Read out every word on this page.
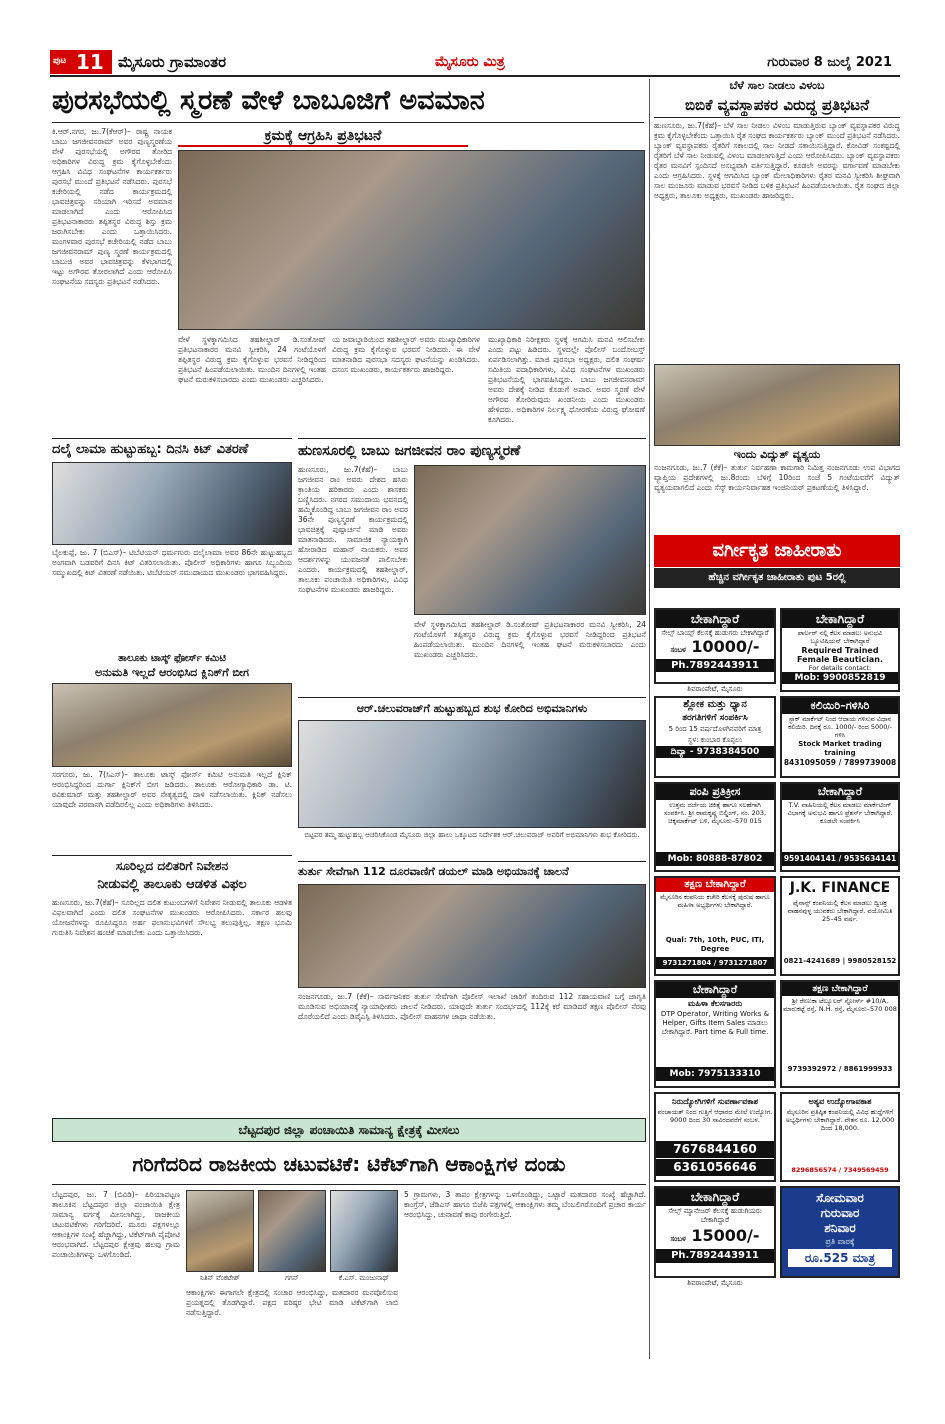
ಪುಟ 11 ಮೈಸೂರು ಗ್ರಾಮಾಂತರ	ಮೈಸೂರು ಮಿತ್ರ	ಗುರುವಾರ 8 ಜುಲೈ 2021
ಪುರಸಭೆಯಲ್ಲಿ ಸ್ಮರಣೆ ವೇಳೆ ಬಾಬೂಜಿಗೆ ಅವಮಾನ
ಕಿ.ಆರ್.ನಗರ, ಜು.7(ಕೆಆರ್)– ರಾಷ್ಟ್ರ ನಾಯಕ ಬಾಬು ಜಗಜೀವನರಾಮ್ ಅವರ ಪುಣ್ಯಸ್ಮರಣೆಯ ವೇಳೆ ಪುರಸಭೆಯಲ್ಲಿ ಅಗೌರವ ತೋರಿದ ಅಧಿಕಾರಿಗಳ ವಿರುದ್ಧ ಕ್ರಮ ಕೈಗೊಳ್ಳಬೇಕೆಂದು ಆಗ್ರಹಿಸಿ ವಿವಿಧ ಸಂಘಟನೆಗಳ ಕಾರ್ಯಕರ್ತರು ಪುರಸಭೆ ಮುಂದೆ ಪ್ರತಿಭಟನೆ ನಡೆಸಿದರು. ಪುರಸಭೆ ಕಚೇರಿಯಲ್ಲಿ ನಡೆದ ಕಾರ್ಯಕ್ರಮದಲ್ಲಿ ಭಾವಚಿತ್ರವನ್ನು ಸರಿಯಾಗಿ ಇರಿಸದೆ ಅವಮಾನ ಮಾಡಲಾಗಿದೆ ಎಂದು ಆರೋಪಿಸಿದ ಪ್ರತಿಭಟನಾಕಾರರು ತಪ್ಪಿತಸ್ಥರ ವಿರುದ್ಧ ಶಿಸ್ತು ಕ್ರಮ ಜರುಗಿಸಬೇಕು ಎಂದು ಒತ್ತಾಯಿಸಿದರು. ಮಂಗಳವಾರ ಪುರಸಭೆ ಕಚೇರಿಯಲ್ಲಿ ನಡೆದ ಬಾಬು ಜಗಜೀವನರಾಮ್ ಪುಣ್ಯ ಸ್ಮರಣೆ ಕಾರ್ಯಕ್ರಮದಲ್ಲಿ ಬಾಬುಜಿ ಅವರ ಭಾವಚಿತ್ರವನ್ನು ಕೆಳಭಾಗದಲ್ಲಿ ಇಟ್ಟು ಅಗೌರವ ತೋರಲಾಗಿದೆ ಎಂದು ಆರೋಪಿಸಿ ಸಂಘಟನೆಯ ಸದಸ್ಯರು ಪ್ರತಿಭಟನೆ ನಡೆಸಿದರು.
ಕ್ರಮಕ್ಕೆ ಆಗ್ರಹಿಸಿ ಪ್ರತಿಭಟನೆ
ವೇಳೆ ಸ್ಥಳಕ್ಕಾಗಮಿಸಿದ ತಹಶೀಲ್ದಾರ್ ಡಿ.ಸಂತೋಷ್ ಪ್ರತಿಭಟನಾಕಾರರ ಮನವಿ ಸ್ವೀಕರಿಸಿ, 24 ಗಂಟೆಯೊಳಗೆ ತಪ್ಪಿತಸ್ಥರ ವಿರುದ್ಧ ಕ್ರಮ ಕೈಗೊಳ್ಳುವ ಭರವಸೆ ನೀಡಿದ್ದರಿಂದ ಪ್ರತಿಭಟನೆ ಹಿಂಪಡೆಯಲಾಯಿತು. ಮುಂದಿನ ದಿನಗಳಲ್ಲಿ ಇಂತಹ ಘಟನೆ ಮರುಕಳಿಸಬಾರದು ಎಂದು ಮುಖಂಡರು ಎಚ್ಚರಿಸಿದರು.
ಯ ಜವಾಬ್ದಾರಿಯಿಂದ ತಹಶೀಲ್ದಾರ್ ಅವರು ಮುಖ್ಯಾಧಿಕಾರಿಗಳ ವಿರುದ್ಧ ಕ್ರಮ ಕೈಗೊಳ್ಳುವ ಭರವಸೆ ನೀಡಿದರು. ಈ ವೇಳೆ ಮಾತನಾಡಿದ ಪುರಸಭಾ ಸದಸ್ಯರು ಘಟನೆಯನ್ನು ಖಂಡಿಸಿದರು. ದಸಂಸ ಮುಖಂಡರು, ಕಾರ್ಯಕರ್ತರು ಹಾಜರಿದ್ದರು.
ಮುಖ್ಯಾಧಿಕಾರಿ ನಿರೀಕ್ಷಕರು ಸ್ಥಳಕ್ಕೆ ಆಗಮಿಸಿ ಮನವಿ ಆಲಿಸಬೇಕು ಎಂದು ಪಟ್ಟು ಹಿಡಿದರು. ಸ್ಥಳದಲ್ಲೇ ಪೊಲೀಸ್ ಬಂದೋಬಸ್ತ್ ಏರ್ಪಡಿಸಲಾಗಿತ್ತು. ಮಾಜಿ ಪುರಸಭಾ ಅಧ್ಯಕ್ಷರು, ದಲಿತ ಸಂಘರ್ಷ ಸಮಿತಿಯ ಪದಾಧಿಕಾರಿಗಳು, ವಿವಿಧ ಸಂಘಟನೆಗಳ ಮುಖಂಡರು ಪ್ರತಿಭಟನೆಯಲ್ಲಿ ಭಾಗವಹಿಸಿದ್ದರು. ಬಾಬು ಜಗಜೀವನರಾಮ್ ಅವರು ದೇಶಕ್ಕೆ ನೀಡಿದ ಕೊಡುಗೆ ಅಪಾರ. ಅವರ ಸ್ಮರಣೆ ವೇಳೆ ಅಗೌರವ ತೋರಿರುವುದು ಖಂಡನೀಯ ಎಂದು ಮುಖಂಡರು ಹೇಳಿದರು. ಅಧಿಕಾರಿಗಳ ನಿರ್ಲಕ್ಷ್ಯ ಧೋರಣೆಯ ವಿರುದ್ಧ ಘೋಷಣೆ ಕೂಗಿದರು.
ಬೆಳೆ ಸಾಲ ನೀಡಲು ವಿಳಂಬ
ಬಿಬಿಕೆ ವ್ಯವಸ್ಥಾಪಕರ ವಿರುದ್ಧ ಪ್ರತಿಭಟನೆ
ಹುಣಸೂರು, ಜು.7(ಕೆಹೆ)– ಬೆಳೆ ಸಾಲ ನೀಡಲು ವಿಳಂಬ ಮಾಡುತ್ತಿರುವ ಬ್ಯಾಂಕ್ ವ್ಯವಸ್ಥಾಪಕರ ವಿರುದ್ಧ ಕ್ರಮ ಕೈಗೊಳ್ಳಬೇಕೆಂದು ಒತ್ತಾಯಿಸಿ ರೈತ ಸಂಘದ ಕಾರ್ಯಕರ್ತರು ಬ್ಯಾಂಕ್ ಮುಂದೆ ಪ್ರತಿಭಟನೆ ನಡೆಸಿದರು. ಬ್ಯಾಂಕ್ ವ್ಯವಸ್ಥಾಪಕರು ರೈತರಿಗೆ ಸಕಾಲದಲ್ಲಿ ಸಾಲ ನೀಡದೆ ಸತಾಯಿಸುತ್ತಿದ್ದಾರೆ. ಕೋವಿಡ್ ಸಂಕಷ್ಟದಲ್ಲಿ ರೈತರಿಗೆ ಬೆಳೆ ಸಾಲ ನೀಡುವಲ್ಲಿ ವಿಳಂಬ ಮಾಡಲಾಗುತ್ತಿದೆ ಎಂದು ಆರೋಪಿಸಿದರು. ಬ್ಯಾಂಕ್ ವ್ಯವಸ್ಥಾಪಕರು ರೈತರ ಮನವಿಗೆ ಸ್ಪಂದಿಸದೆ ಅಸಭ್ಯವಾಗಿ ವರ್ತಿಸುತ್ತಿದ್ದಾರೆ. ಕೂಡಲೇ ಅವರನ್ನು ವರ್ಗಾವಣೆ ಮಾಡಬೇಕು ಎಂದು ಆಗ್ರಹಿಸಿದರು. ಸ್ಥಳಕ್ಕೆ ಆಗಮಿಸಿದ ಬ್ಯಾಂಕ್ ಮೇಲಾಧಿಕಾರಿಗಳು ರೈತರ ಮನವಿ ಸ್ವೀಕರಿಸಿ ಶೀಘ್ರವಾಗಿ ಸಾಲ ಮಂಜೂರು ಮಾಡುವ ಭರವಸೆ ನೀಡಿದ ಬಳಿಕ ಪ್ರತಿಭಟನೆ ಹಿಂಪಡೆಯಲಾಯಿತು. ರೈತ ಸಂಘದ ಜಿಲ್ಲಾ ಅಧ್ಯಕ್ಷರು, ತಾಲೂಕು ಅಧ್ಯಕ್ಷರು, ಮುಖಂಡರು ಹಾಜರಿದ್ದರು.
ಇಂದು ವಿದ್ಯುತ್ ವ್ಯತ್ಯಯ
ನಂಜನಗೂಡು, ಜು.7 (ಕೆಕೆ)– ತುರ್ತು ನಿರ್ವಹಣಾ ಕಾಮಗಾರಿ ನಿಮಿತ್ತ ನಂಜನಗೂಡು ಉಪ ವಿಭಾಗದ ವ್ಯಾಪ್ತಿಯ ಪ್ರದೇಶಗಳಲ್ಲಿ ಜು.8ರಂದು ಬೆಳಿಗ್ಗೆ 10ರಿಂದ ಸಂಜೆ 5 ಗಂಟೆಯವರೆಗೆ ವಿದ್ಯುತ್ ವ್ಯತ್ಯಯವಾಗಲಿದೆ ಎಂದು ಸೆಸ್ಕ್ ಕಾರ್ಯನಿರ್ವಾಹಕ ಇಂಜಿನಿಯರ್ ಪ್ರಕಟಣೆಯಲ್ಲಿ ತಿಳಿಸಿದ್ದಾರೆ.
ದಲೈ ಲಾಮಾ ಹುಟ್ಟುಹಬ್ಬ: ದಿನಸಿ ಕಿಟ್ ವಿತರಣೆ
ಬೈಲಕುಪ್ಪೆ, ಜು. 7 (ಬಿಎಸ್)– ಟಿಬೆಟಿಯನ್ ಧರ್ಮಗುರು ದಲೈಲಾಮಾ ಅವರ 86ನೇ ಹುಟ್ಟುಹಬ್ಬದ ಅಂಗವಾಗಿ ಬಡವರಿಗೆ ದಿನಸಿ ಕಿಟ್ ವಿತರಿಸಲಾಯಿತು. ಪೊಲೀಸ್ ಅಧಿಕಾರಿಗಳು ಹಾಗೂ ಸಿಬ್ಬಂದಿಯ ಸಮ್ಮುಖದಲ್ಲಿ ಕಿಟ್ ವಿತರಣೆ ನಡೆಯಿತು. ಟಿಬೆಟಿಯನ್ ಸಮುದಾಯದ ಮುಖಂಡರು ಭಾಗವಹಿಸಿದ್ದರು.
ತಾಲೂಕು ಟಾಸ್ಕ್ ಫೋರ್ಸ್ ಕಮಿಟಿ
ಅನುಮತಿ ಇಲ್ಲದೆ ಆರಂಭಿಸಿದ ಕ್ಲಿನಿಕ್‌ಗೆ ಬೀಗ
ಸರಗೂರು, ಜು. 7(ಸಿಎಸ್)– ತಾಲೂಕು ಟಾಸ್ಕ್ ಫೋರ್ಸ್ ಕಮಿಟಿ ಅನುಮತಿ ಇಲ್ಲದೆ ಕ್ಲಿನಿಕ್ ಆರಂಭಿಸಿದ್ದರಿಂದ ದುರ್ಗಾ ಕ್ಲಿನಿಕ್‌ಗೆ ಬೀಗ ಜಡಿದರು. ತಾಲೂಕು ಆರೋಗ್ಯಾಧಿಕಾರಿ ಡಾ. ಟಿ. ರವಿಕುಮಾರ್ ಮತ್ತು ತಹಶೀಲ್ದಾರ್ ಅವರ ನೇತೃತ್ವದಲ್ಲಿ ದಾಳಿ ನಡೆಸಲಾಯಿತು. ಕ್ಲಿನಿಕ್ ನಡೆಸಲು ಯಾವುದೇ ಪರವಾನಗಿ ಪಡೆದಿರಲಿಲ್ಲ ಎಂದು ಅಧಿಕಾರಿಗಳು ತಿಳಿಸಿದರು.
ಸೂರಿಲ್ಲದ ದಲಿತರಿಗೆ ನಿವೇಶನ
ನೀಡುವಲ್ಲಿ ತಾಲೂಕು ಆಡಳಿತ ವಿಫಲ
ಹುಣಸೂರು, ಜು.7(ಕೆಹೆ)– ಸೂರಿಲ್ಲದ ದಲಿತ ಕುಟುಂಬಗಳಿಗೆ ನಿವೇಶನ ನೀಡುವಲ್ಲಿ ತಾಲೂಕು ಆಡಳಿತ ವಿಫಲವಾಗಿದೆ ಎಂದು ದಲಿತ ಸಂಘಟನೆಗಳ ಮುಖಂಡರು ಆರೋಪಿಸಿದರು. ಸರ್ಕಾರ ಹಲವು ಯೋಜನೆಗಳನ್ನು ರೂಪಿಸಿದ್ದರೂ ಅರ್ಹ ಫಲಾನುಭವಿಗಳಿಗೆ ಸೌಲಭ್ಯ ತಲುಪುತ್ತಿಲ್ಲ. ತಕ್ಷಣ ಭೂಮಿ ಗುರುತಿಸಿ ನಿವೇಶನ ಹಂಚಿಕೆ ಮಾಡಬೇಕು ಎಂದು ಒತ್ತಾಯಿಸಿದರು.
ಹುಣಸೂರಲ್ಲಿ ಬಾಬು ಜಗಜೀವನ ರಾಂ ಪುಣ್ಯಸ್ಮರಣೆ
ಹುಣಸೂರು, ಜು.7(ಕೆಹೆ)– ಬಾಬು ಜಗಜೀವನ ರಾಂ ಅವರು ದೇಶದ ಹಸಿರು ಕ್ರಾಂತಿಯ ಹರಿಕಾರರು ಎಂದು ಶಾಸಕರು ಬಣ್ಣಿಸಿದರು. ನಗರದ ಸಮುದಾಯ ಭವನದಲ್ಲಿ ಹಮ್ಮಿಕೊಂಡಿದ್ದ ಬಾಬು ಜಗಜೀವನ ರಾಂ ಅವರ 36ನೇ ಪುಣ್ಯಸ್ಮರಣೆ ಕಾರ್ಯಕ್ರಮದಲ್ಲಿ ಭಾವಚಿತ್ರಕ್ಕೆ ಪುಷ್ಪಾರ್ಚನೆ ಮಾಡಿ ಅವರು ಮಾತನಾಡಿದರು. ಸಾಮಾಜಿಕ ನ್ಯಾಯಕ್ಕಾಗಿ ಹೋರಾಡಿದ ಮಹಾನ್ ನಾಯಕರು. ಅವರ ಆದರ್ಶಗಳನ್ನು ಯುವಜನತೆ ಪಾಲಿಸಬೇಕು ಎಂದರು. ಕಾರ್ಯಕ್ರಮದಲ್ಲಿ ತಹಶೀಲ್ದಾರ್, ತಾಲೂಕು ಪಂಚಾಯಿತಿ ಅಧಿಕಾರಿಗಳು, ವಿವಿಧ ಸಂಘಟನೆಗಳ ಮುಖಂಡರು ಹಾಜರಿದ್ದರು.
ವೇಳೆ ಸ್ಥಳಕ್ಕಾಗಮಿಸಿದ ತಹಶೀಲ್ದಾರ್ ಡಿ.ಸಂತೋಷ್ ಪ್ರತಿಭಟನಾಕಾರರ ಮನವಿ ಸ್ವೀಕರಿಸಿ, 24 ಗಂಟೆಯೊಳಗೆ ತಪ್ಪಿತಸ್ಥರ ವಿರುದ್ಧ ಕ್ರಮ ಕೈಗೊಳ್ಳುವ ಭರವಸೆ ನೀಡಿದ್ದರಿಂದ ಪ್ರತಿಭಟನೆ ಹಿಂಪಡೆಯಲಾಯಿತು. ಮುಂದಿನ ದಿನಗಳಲ್ಲಿ ಇಂತಹ ಘಟನೆ ಮರುಕಳಿಸಬಾರದು ಎಂದು ಮುಖಂಡರು ಎಚ್ಚರಿಸಿದರು.
ಆರ್.ಚಲುವರಾಜ್‌ಗೆ ಹುಟ್ಟುಹಬ್ಬದ ಶುಭ ಕೋರಿದ ಅಭಿಮಾನಿಗಳು
ಬಿಟ್ಟವರ ತಮ್ಮ ಹುಟ್ಟುಹಬ್ಬ ಆಚರಿಸಿಕೊಂಡ ಮೈಸೂರು ಜಿಲ್ಲಾ ಹಾಲು ಒಕ್ಕೂಟದ ನಿರ್ದೇಶಕ ಆರ್.ಚಲುವರಾಜ್ ಅವರಿಗೆ ಅಭಿಮಾನಿಗಳು ಶುಭ ಕೋರಿದರು.
ತುರ್ತು ಸೇವೆಗಾಗಿ 112 ದೂರವಾಣಿಗೆ ಡಯಲ್ ಮಾಡಿ ಅಭಿಯಾನಕ್ಕೆ ಚಾಲನೆ
ನಂಜನಗೂಡು, ಜು.7 (ಕೆಕೆ)– ಸಾರ್ವಜನಿಕರ ತುರ್ತು ಸೇವೆಗಾಗಿ ಪೊಲೀಸ್ ಇಲಾಖೆ ಜಾರಿಗೆ ತಂದಿರುವ 112 ಸಹಾಯವಾಣಿ ಬಗ್ಗೆ ಜಾಗೃತಿ ಮೂಡಿಸುವ ಅಭಿಯಾನಕ್ಕೆ ನ್ಯಾಯಾಧೀಶರು ಚಾಲನೆ ನೀಡಿದರು. ಯಾವುದೇ ತುರ್ತು ಸಂದರ್ಭದಲ್ಲಿ 112ಕ್ಕೆ ಕರೆ ಮಾಡಿದರೆ ತಕ್ಷಣ ಪೊಲೀಸ್ ನೆರವು ದೊರೆಯಲಿದೆ ಎಂದು ಡಿವೈಎಸ್ಪಿ ತಿಳಿಸಿದರು. ಪೊಲೀಸ್ ವಾಹನಗಳ ಜಾಥಾ ನಡೆಯಿತು.
ವರ್ಗೀಕೃತ ಜಾಹೀರಾತು
ಹೆಚ್ಚಿನ ವರ್ಗೀಕೃತ ಜಾಹೀರಾತು ಪುಟ 5ರಲ್ಲಿ
ಬೇಕಾಗಿದ್ದಾರೆ
ಸೇಲ್ಸ್ ಬಾಯ್ಸ್ ಕೆಲಸಕ್ಕೆ ಹುಡುಗರು ಬೇಕಾಗಿದ್ದಾರೆ
ಸಂಬಳ 10000/-
Ph.7892443911
ಶಿವರಾಂಪೇಟೆ, ಮೈಸೂರು
ಬೇಕಾಗಿದ್ದಾರೆ
ಪಾರ್ಲರ್ ನಲ್ಲಿ ಕೆಲಸ ಮಾಡಲು ಅನುಭವಿ ಬ್ಯೂಟಿಷಿಯನ್ ಬೇಕಾಗಿದ್ದಾರೆ
Required Trained
Female Beautician.
For details contact:
Mob: 9900852819
ಶ್ಲೋಕ ಮತ್ತು ಧ್ಯಾನ
ತರಗತಿಗಳಿಗೆ ಸಂಪರ್ಕಿಸಿ
5 ರಿಂದ 15 ವರ್ಷದೊಳಗಿನವರಿಗೆ ಮಾತ್ರ
ಸ್ಥಳ: ಕುಂಬಾರ ಕೊಪ್ಪಲು
ದಿವ್ಯಾ - 9738384500
ಕಲಿಯಿರಿ–ಗಳಿಸಿರಿ
ಸ್ಟಾಕ್ ಮಾರ್ಕೆಟ್ ನಿಂದ ಆದಾಯ ಗಳಿಸುವ ವಿಧಾನ ಕಲಿಯಿರಿ. ದಿನಕ್ಕೆ ರೂ. 1000/- ರಿಂದ 5000/- ಗಳಿಸಿ
Stock Market trading training
8431095059 / 7899739008
ಪಂಪಿ ಪ್ರತಿಕ್ರೀಸ
ಉತ್ತಮ ದರ್ಜೆಯ ಚಿಕಿತ್ಸೆ ಹಾಗೂ ಸಲಹೆಗಾಗಿ ಸಂಪರ್ಕಿಸಿ. ಶ್ರೀ ರಾಮಕೃಷ್ಣ ಬಿಲ್ಡಿಂಗ್, ನಂ. 203, ಚಿಕ್ಕಮಾರ್ಕೆಟ್ ಬಳಿ, ಮೈಸೂರು–570 015
Mob: 80888-87802
ಬೇಕಾಗಿದ್ದಾರೆ
T.V. ವಾಹಿನಿಯಲ್ಲಿ ಕೆಲಸ ಮಾಡಲು ಮಾರ್ಕೆಟಿಂಗ್ ವಿಭಾಗಕ್ಕೆ ಅನುಭವಿ ಹಾಗೂ ಫ್ರೆಶರ್ಸ್ ಬೇಕಾಗಿದ್ದಾರೆ. ಕೂಡಲೇ ಸಂಪರ್ಕಿಸಿ
9591404141 / 9535634141
ತಕ್ಷಣ ಬೇಕಾಗಿದ್ದಾರೆ
ಮೈಸೂರಿನ ಕಂಪನಿಯ ಕಚೇರಿ ಕೆಲಸಕ್ಕೆ ಪುರುಷ ಹಾಗೂ ಮಹಿಳಾ ಅಭ್ಯರ್ಥಿಗಳು ಬೇಕಾಗಿದ್ದಾರೆ.
Qual: 7th, 10th, PUC, ITI, Degree
9731271804 / 9731271807
J.K. FINANCE
ಫೈನಾನ್ಸ್ ಕಂಪನಿಯಲ್ಲಿ ಕೆಲಸ ಮಾಡಲು ದ್ವಿಚಕ್ರ ವಾಹನವುಳ್ಳ ಯುವಕರು ಬೇಕಾಗಿದ್ದಾರೆ. ವಯೋಮಿತಿ 25–45 ವರ್ಷ.
0821-4241689 | 9980528152
ಬೇಕಾಗಿದ್ದಾರೆ
ಮಹಿಳಾ ಕೆಲಸಗಾರರು
DTP Operator, Writing Works & Helper, Gifts Item Sales ಮಾಡಲು ಬೇಕಾಗಿದ್ದಾರೆ. Part time & Full time.
Mob: 7975133310
ತಕ್ಷಣ ಬೇಕಾಗಿದ್ದಾರೆ
ಶ್ರೀ ರೇಣುಕಾ ಟೆಲ್ಯೂಲರ್ ಸ್ಟೋರ್ಸ್ #10/A, ಮಾರುಕಟ್ಟೆ ರಸ್ತೆ, N.H. ರಸ್ತೆ, ಮೈಸೂರು–570 008
9739392972 / 8861999933
ನಿರುದ್ಯೋಗಿಗಳಿಗೆ ಸುವರ್ಣಾವಕಾಶ
ಪಂಚಾಯತ್ ನಿಂದ ಗುತ್ತಿಗೆ ಆಧಾರದ ಮೇಲೆ ಉದ್ಯೋಗ. 9000 ದಿಂದ 30 ಸಾವಿರದವರೆಗೆ ಸಂಬಳ.
7676844160
6361056646
ಅತ್ಯವ ಉದ್ಯೋಗಾವಕಾಶ
ಮೈಸೂರಿನ ಪ್ರತಿಷ್ಠಿತ ಕಂಪನಿಯಲ್ಲಿ ವಿವಿಧ ಹುದ್ದೆಗಳಿಗೆ ಅಭ್ಯರ್ಥಿಗಳು ಬೇಕಾಗಿದ್ದಾರೆ. ವೇತನ ರೂ. 12,000 ದಿಂದ 18,000.
8296856574 / 7349569459
ಬೇಕಾಗಿದ್ದಾರೆ
ಸೇಲ್ಸ್ ಮ್ಯಾನೇಜರ್ ಕೆಲಸಕ್ಕೆ ಹುಡುಗಿಯರು ಬೇಕಾಗಿದ್ದಾರೆ
ಸಂಬಳ 15000/-
Ph.7892443911
ಶಿವರಾಂಪೇಟೆ, ಮೈಸೂರು
ಸೋಮವಾರ
ಗುರುವಾರ
ಶನಿವಾರ
ಪ್ರತಿ ವಾರಕ್ಕೆ
ರೂ.525 ಮಾತ್ರ
ಬೆಟ್ಟದಪುರ ಜಿಲ್ಲಾ ಪಂಚಾಯಿತಿ ಸಾಮಾನ್ಯ ಕ್ಷೇತ್ರಕ್ಕೆ ಮೀಸಲು
ಗರಿಗೆದರಿದ ರಾಜಕೀಯ ಚಟುವಟಿಕೆ: ಟಿಕೆಟ್‌ಗಾಗಿ ಆಕಾಂಕ್ಷಿಗಳ ದಂಡು
ಬೆಟ್ಟದಪುರ, ಜು. 7 (ಬಿವಿಡಿ)– ಪಿರಿಯಾಪಟ್ಟಣ ತಾಲೂಕಿನ ಬೆಟ್ಟದಪುರ ಜಿಲ್ಲಾ ಪಂಚಾಯಿತಿ ಕ್ಷೇತ್ರ ಸಾಮಾನ್ಯ ವರ್ಗಕ್ಕೆ ಮೀಸಲಾಗಿದ್ದು, ರಾಜಕೀಯ ಚಟುವಟಿಕೆಗಳು ಗರಿಗೆದರಿವೆ. ಮೂರು ಪಕ್ಷಗಳಲ್ಲೂ ಆಕಾಂಕ್ಷಿಗಳ ಸಂಖ್ಯೆ ಹೆಚ್ಚಾಗಿದ್ದು, ಟಿಕೆಟ್‌ಗಾಗಿ ಪೈಪೋಟಿ ಆರಂಭವಾಗಿದೆ. ಬೆಟ್ಟದಪುರ ಕ್ಷೇತ್ರವು ಹಲವು ಗ್ರಾಮ ಪಂಚಾಯಿತಿಗಳನ್ನು ಒಳಗೊಂಡಿದೆ.
ನಿತಿನ್ ವೆಂಕಟೇಶ್	ಗಗನ್	ಕೆ.ಎಸ್. ಮಂಜುನಾಥ್
ಆಕಾಂಕ್ಷಿಗಳು ಈಗಾಗಲೇ ಕ್ಷೇತ್ರದಲ್ಲಿ ಸಂಚಾರ ಆರಂಭಿಸಿದ್ದು, ಮತದಾರರ ಮನವೊಲಿಸುವ ಪ್ರಯತ್ನದಲ್ಲಿ ತೊಡಗಿದ್ದಾರೆ. ಪಕ್ಷದ ವರಿಷ್ಠರ ಭೇಟಿ ಮಾಡಿ ಟಿಕೆಟ್‌ಗಾಗಿ ಲಾಬಿ ನಡೆಸುತ್ತಿದ್ದಾರೆ.
5 ಗ್ರಾಮಗಳು, 3 ತಾಪಂ ಕ್ಷೇತ್ರಗಳನ್ನು ಒಳಗೊಂಡಿದ್ದು, ಒಟ್ಟಾರೆ ಮತದಾರರ ಸಂಖ್ಯೆ ಹೆಚ್ಚಾಗಿದೆ. ಕಾಂಗ್ರೆಸ್, ಜೆಡಿಎಸ್ ಹಾಗೂ ಬಿಜೆಪಿ ಪಕ್ಷಗಳಲ್ಲಿ ಆಕಾಂಕ್ಷಿಗಳು ತಮ್ಮ ಬೆಂಬಲಿಗರೊಂದಿಗೆ ಪ್ರಚಾರ ಕಾರ್ಯ ಆರಂಭಿಸಿದ್ದು, ಚುನಾವಣೆ ಕಾವು ರಂಗೇರುತ್ತಿದೆ.
